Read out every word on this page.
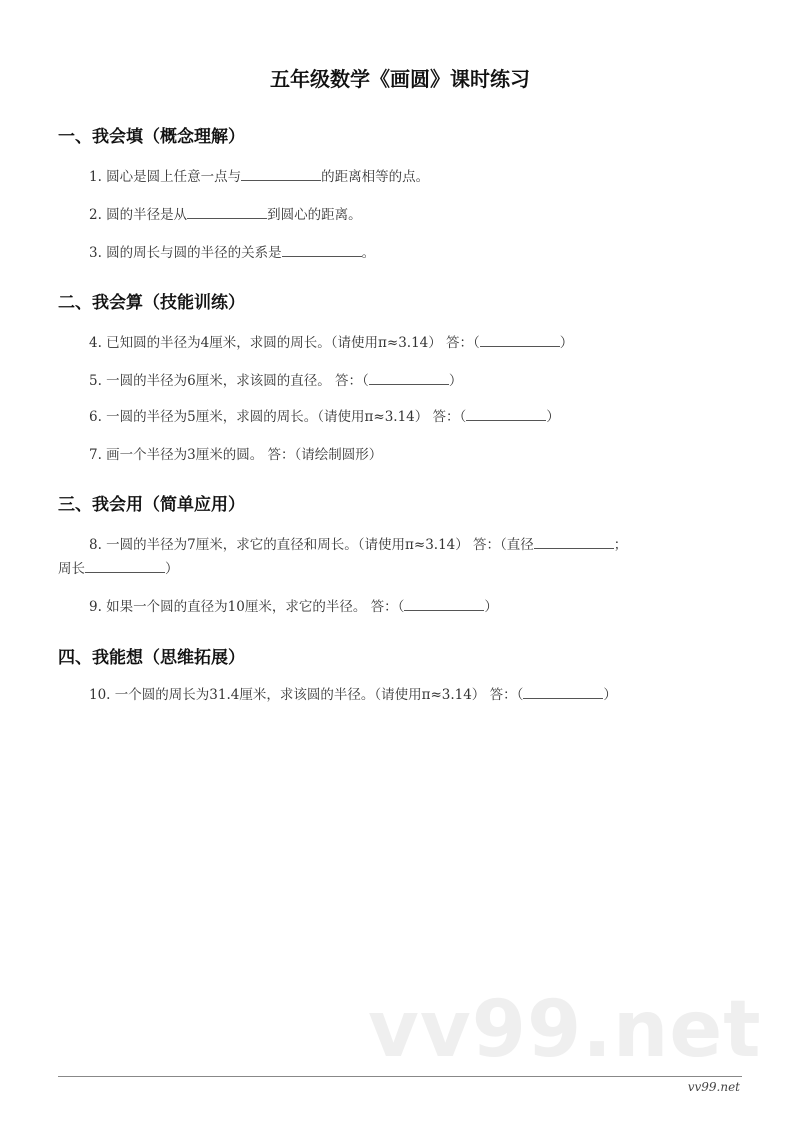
五年级数学《画圆》课时练习
一、我会填（概念理解）
1. 圆心是圆上任意一点与	的距离相等的点。
2. 圆的半径是从	到圆心的距离。
3. 圆的周长与圆的半径的关系是	。
二、我会算（技能训练）
4. 已知圆的半径为4厘米，求圆的周长。（请使用π≈3.14） 答：（	）
5. 一圆的半径为6厘米，求该圆的直径。 答：（	）
6. 一圆的半径为5厘米，求圆的周长。（请使用π≈3.14） 答：（	）
7. 画一个半径为3厘米的圆。 答：（请绘制圆形）
三、我会用（简单应用）
8. 一圆的半径为7厘米，求它的直径和周长。（请使用π≈3.14） 答：（直径	；
周长	）
9. 如果一个圆的直径为10厘米，求它的半径。 答：（	）
四、我能想（思维拓展）
10. 一个圆的周长为31.4厘米，求该圆的半径。（请使用π≈3.14） 答：（	）
vv99.net
vv99.net
